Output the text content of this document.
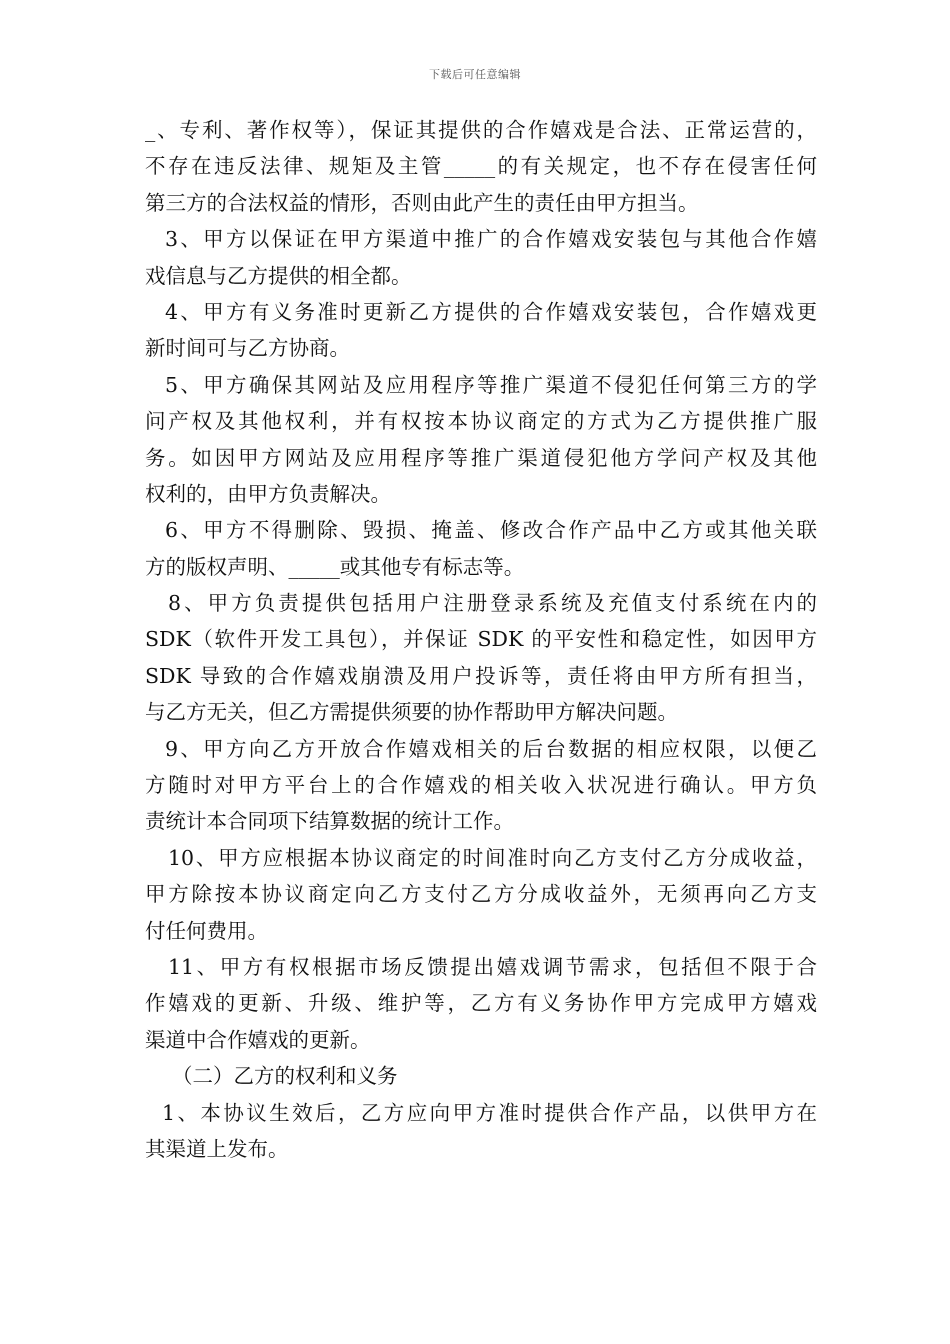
下载后可任意编辑
_、专利、著作权等），保证其提供的合作嬉戏是合法、正常运营的，
不存在违反法律、规矩及主管_____的有关规定，也不存在侵害任何
第三方的合法权益的情形，否则由此产生的责任由甲方担当。
3、甲方以保证在甲方渠道中推广的合作嬉戏安装包与其他合作嬉
戏信息与乙方提供的相全都。
4、甲方有义务准时更新乙方提供的合作嬉戏安装包，合作嬉戏更
新时间可与乙方协商。
5、甲方确保其网站及应用程序等推广渠道不侵犯任何第三方的学
问产权及其他权利，并有权按本协议商定的方式为乙方提供推广服
务。如因甲方网站及应用程序等推广渠道侵犯他方学问产权及其他
权利的，由甲方负责解决。
6、甲方不得删除、毁损、掩盖、修改合作产品中乙方或其他关联
方的版权声明、_____或其他专有标志等。
8、甲方负责提供包括用户注册登录系统及充值支付系统在内的
SDK（软件开发工具包），并保证 SDK 的平安性和稳定性，如因甲方
SDK 导致的合作嬉戏崩溃及用户投诉等，责任将由甲方所有担当，
与乙方无关，但乙方需提供须要的协作帮助甲方解决问题。
9、甲方向乙方开放合作嬉戏相关的后台数据的相应权限，以便乙
方随时对甲方平台上的合作嬉戏的相关收入状况进行确认。甲方负
责统计本合同项下结算数据的统计工作。
10、甲方应根据本协议商定的时间准时向乙方支付乙方分成收益，
甲方除按本协议商定向乙方支付乙方分成收益外，无须再向乙方支
付任何费用。
11、甲方有权根据市场反馈提出嬉戏调节需求，包括但不限于合
作嬉戏的更新、升级、维护等，乙方有义务协作甲方完成甲方嬉戏
渠道中合作嬉戏的更新。
（二）乙方的权利和义务
1、本协议生效后，乙方应向甲方准时提供合作产品，以供甲方在
其渠道上发布。
